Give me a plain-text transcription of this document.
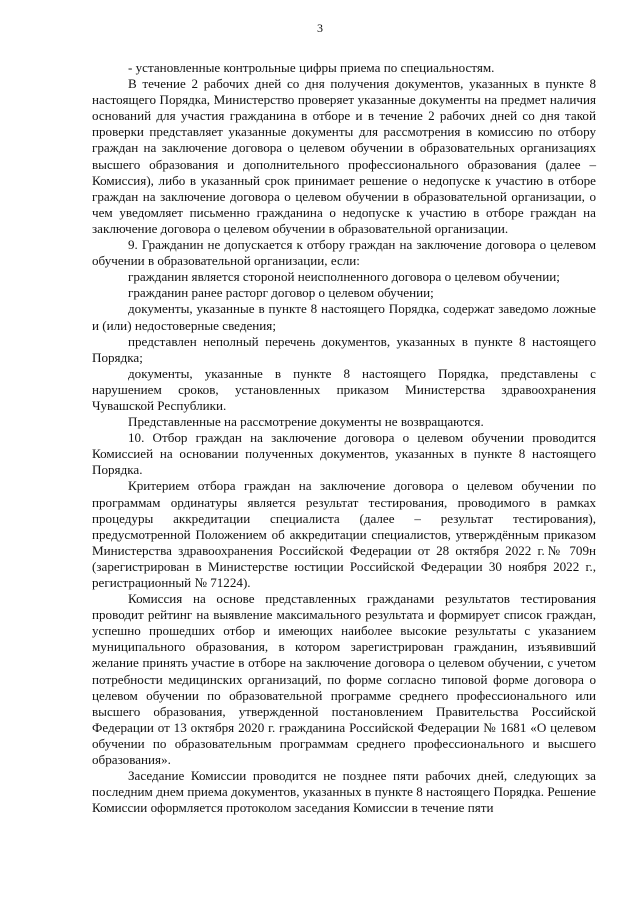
3

- установленные контрольные цифры приема по специальностям.

В течение 2 рабочих дней со дня получения документов, указанных в пункте 8 настоящего Порядка, Министерство проверяет указанные документы на предмет наличия оснований для участия гражданина в отборе и в течение 2 рабочих дней со дня такой проверки представляет указанные документы для рассмотрения в комиссию по отбору граждан на заключение договора о целевом обучении в образовательных организациях высшего образования и дополнительного профессионального образования (далее – Комиссия), либо в указанный срок принимает решение о недопуске к участию в отборе граждан на заключение договора о целевом обучении в образовательной организации, о чем уведомляет письменно гражданина о недопуске к участию в отборе граждан на заключение договора о целевом обучении в образовательной организации.

9. Гражданин не допускается к отбору граждан на заключение договора о целевом обучении в образовательной организации, если:

гражданин является стороной неисполненного договора о целевом обучении;

гражданин ранее расторг договор о целевом обучении;

документы, указанные в пункте 8 настоящего Порядка, содержат заведомо ложные и (или) недостоверные сведения;

представлен неполный перечень документов, указанных в пункте 8 настоящего Порядка;

документы, указанные в пункте 8 настоящего Порядка, представлены с нарушением сроков, установленных приказом Министерства здравоохранения Чувашской Республики.

Представленные на рассмотрение документы не возвращаются.

10. Отбор граждан на заключение договора о целевом обучении проводится Комиссией на основании полученных документов, указанных в пункте 8 настоящего Порядка.

Критерием отбора граждан на заключение договора о целевом обучении по программам ординатуры является результат тестирования, проводимого в рамках процедуры аккредитации специалиста (далее – результат тестирования), предусмотренной Положением об аккредитации специалистов, утверждённым приказом Министерства здравоохранения Российской Федерации от 28 октября 2022 г.№ 709н (зарегистрирован в Министерстве юстиции Российской Федерации 30 ноября 2022 г., регистрационный № 71224).

Комиссия на основе представленных гражданами результатов тестирования проводит рейтинг на выявление максимального результата и формирует список граждан, успешно прошедших отбор и имеющих наиболее высокие результаты с указанием муниципального образования, в котором зарегистрирован гражданин, изъявивший желание принять участие в отборе на заключение договора о целевом обучении, с учетом потребности медицинских организаций, по форме согласно типовой форме договора о целевом обучении по образовательной программе среднего профессионального или высшего образования, утвержденной постановлением Правительства Российской Федерации от 13 октября 2020 г. гражданина Российской Федерации № 1681 «О целевом обучении по образовательным программам среднего профессионального и высшего образования».

Заседание Комиссии проводится не позднее пяти рабочих дней, следующих за последним днем приема документов, указанных в пункте 8 настоящего Порядка. Решение Комиссии оформляется протоколом заседания Комиссии в течение пяти
